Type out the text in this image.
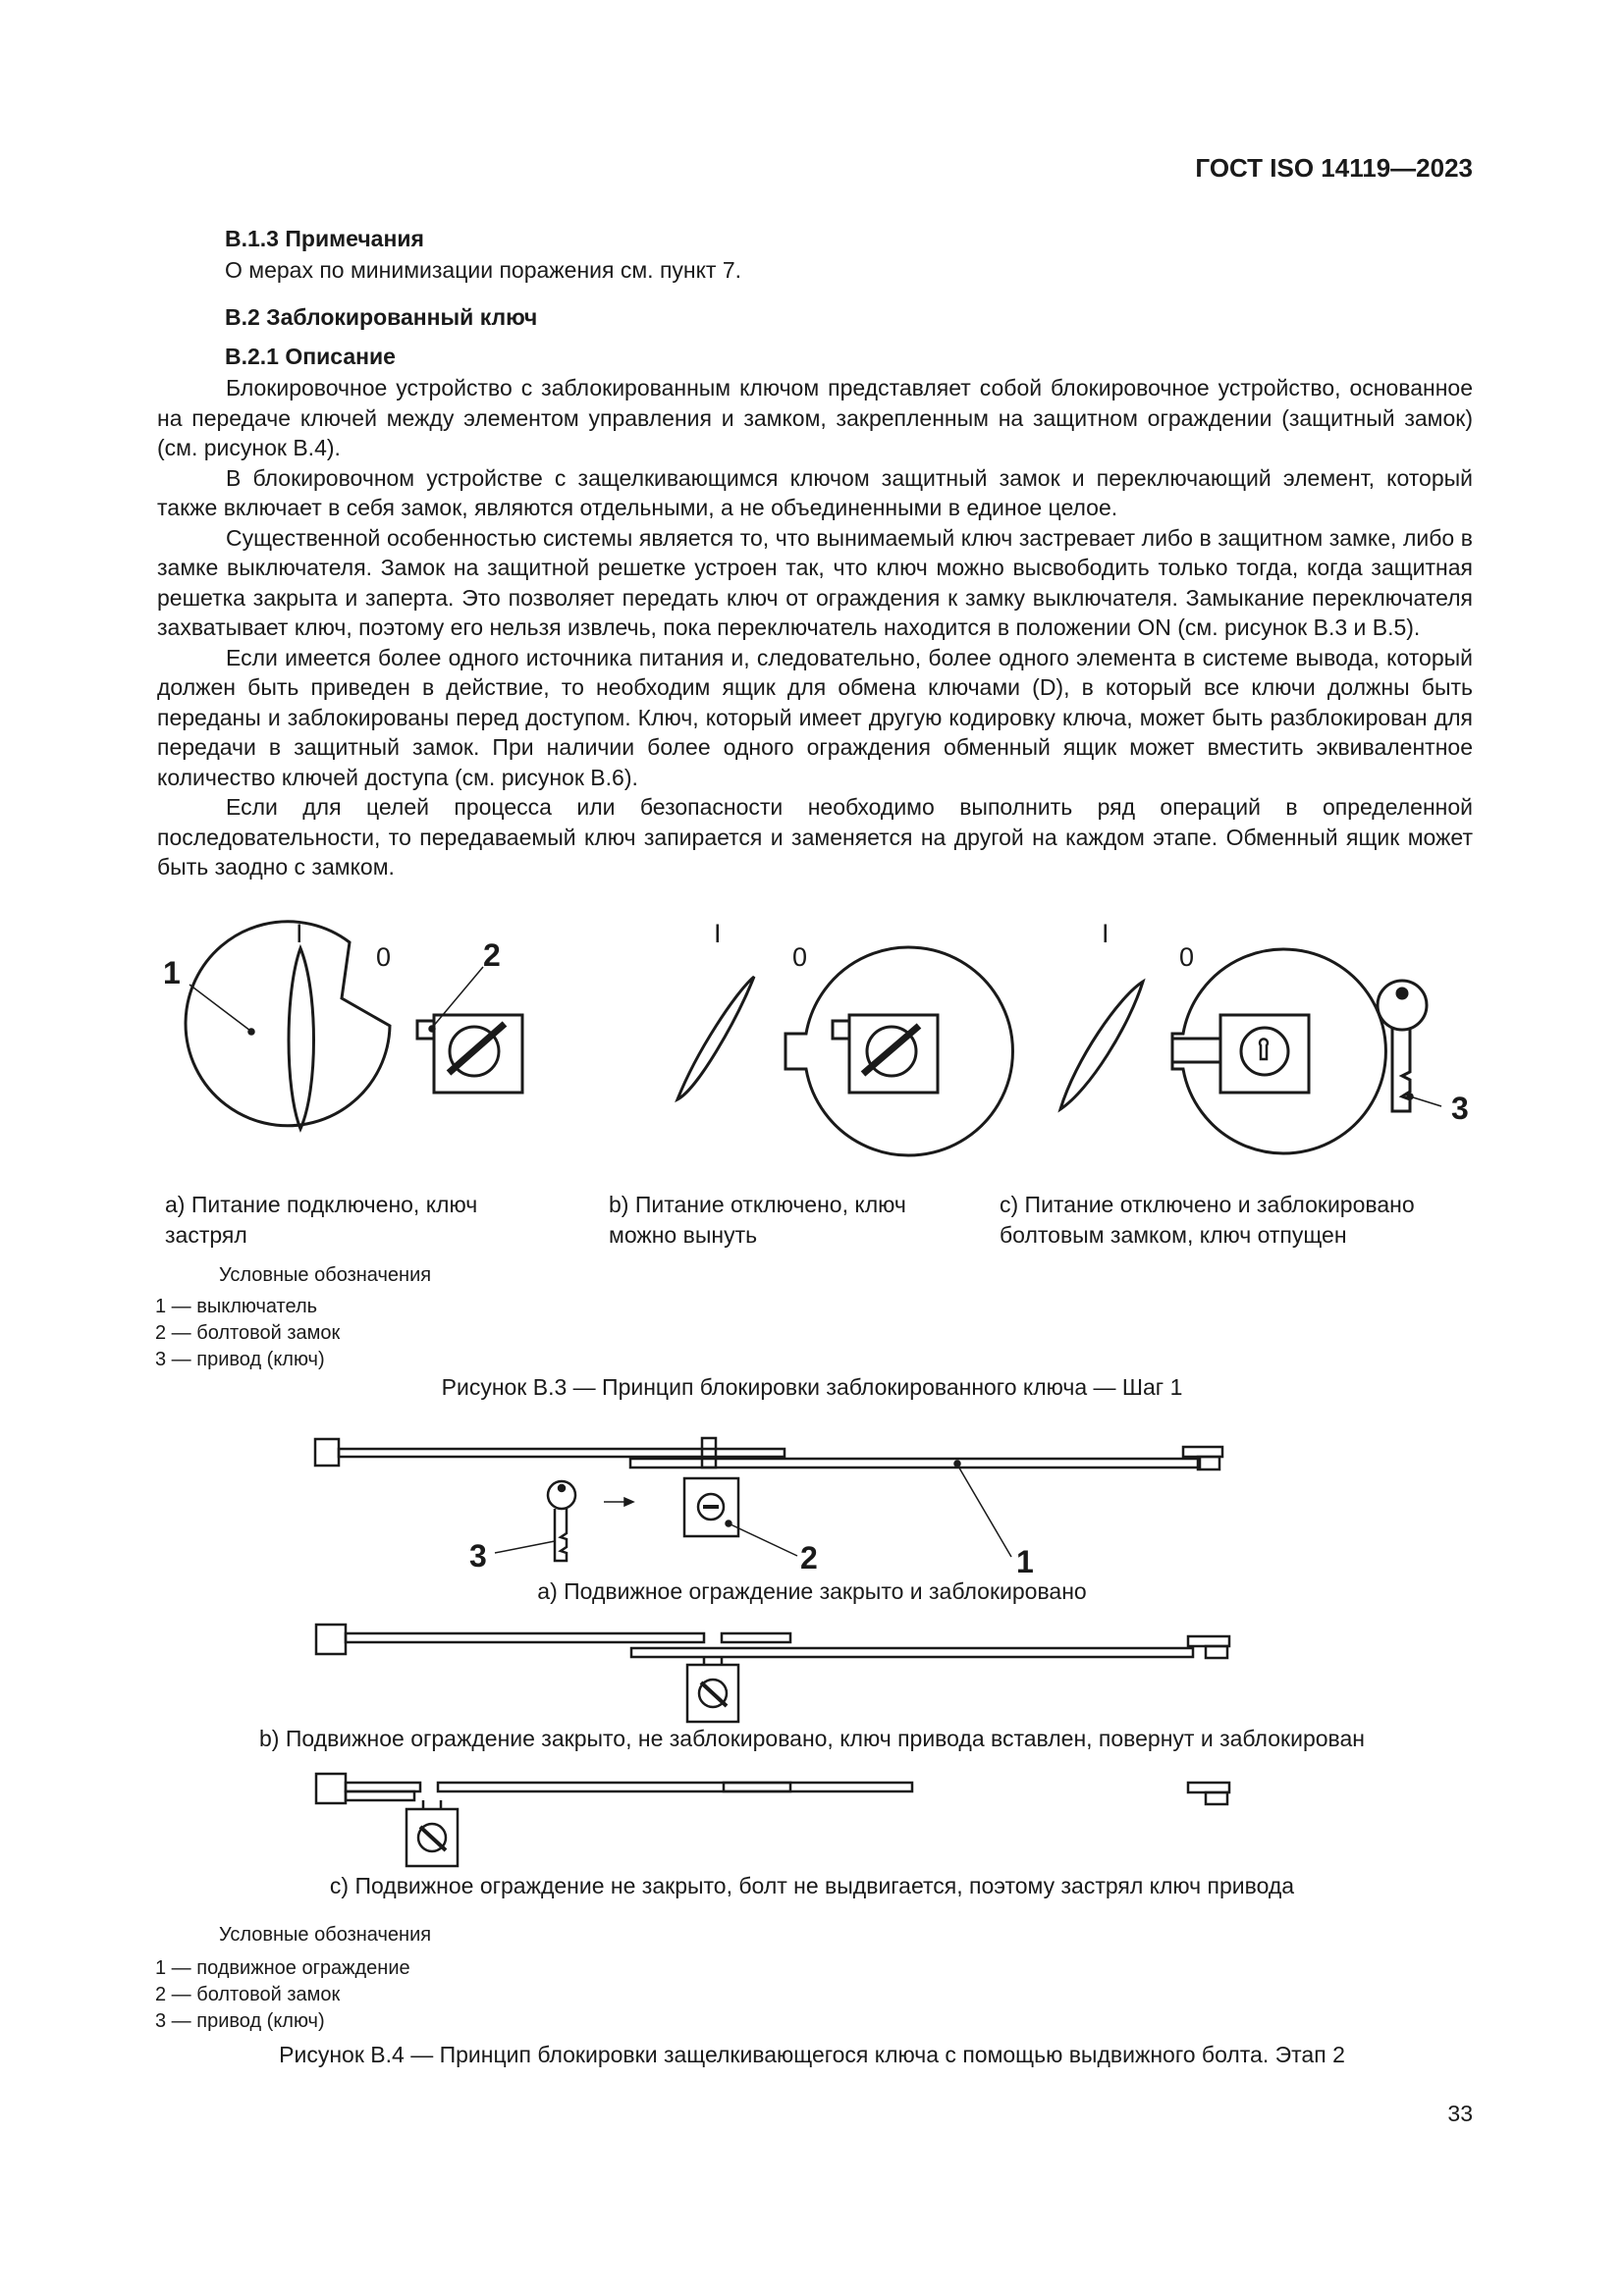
ГОСТ ISO 14119—2023
В.1.3 Примечания
О мерах по минимизации поражения см. пункт 7.
В.2 Заблокированный ключ
В.2.1 Описание

Блокировочное устройство с заблокированным ключом представляет собой блокировочное устройство, основанное на передаче ключей между элементом управления и замком, закрепленным на защитном ограждении (защитный замок) (см. рисунок В.4).

В блокировочном устройстве с защелкивающимся ключом защитный замок и переключающий элемент, который также включает в себя замок, являются отдельными, а не объединенными в единое целое.

Существенной особенностью системы является то, что вынимаемый ключ застревает либо в защитном замке, либо в замке выключателя. Замок на защитной решетке устроен так, что ключ можно высвободить только тогда, когда защитная решетка закрыта и заперта. Это позволяет передать ключ от ограждения к замку выключателя. Замыкание переключателя захватывает ключ, поэтому его нельзя извлечь, пока переключатель находится в положении ON (см. рисунок В.3 и В.5).

Если имеется более одного источника питания и, следовательно, более одного элемента в системе вывода, который должен быть приведен в действие, то необходим ящик для обмена ключами (D), в который все ключи должны быть переданы и заблокированы перед доступом. Ключ, который имеет другую кодировку ключа, может быть разблокирован для передачи в защитный замок. При наличии более одного ограждения обменный ящик может вместить эквивалентное количество ключей доступа (см. рисунок В.6).

Если для целей процесса или безопасности необходимо выполнить ряд операций в определенной последовательности, то передаваемый ключ запирается и заменяется на другой на каждом этапе. Обменный ящик может быть заодно с замком.

I
0
I
0
I
0
1	2
3
а) Питание подключено, ключ
застрял
b) Питание отключено, ключ
можно вынуть
с) Питание отключено и заблокировано
болтовым замком, ключ отпущен
Условные обозначения
1 — выключатель
2 — болтовой замок
3 — привод (ключ)
Рисунок В.3 — Принцип блокировки заблокированного ключа — Шаг 1
3	2	1
а) Подвижное ограждение закрыто и заблокировано
b) Подвижное ограждение закрыто, не заблокировано, ключ привода вставлен, повернут и заблокирован
с) Подвижное ограждение не закрыто, болт не выдвигается, поэтому застрял ключ привода
Условные обозначения
1 — подвижное ограждение
2 — болтовой замок
3 — привод (ключ)
Рисунок В.4 — Принцип блокировки защелкивающегося ключа с помощью выдвижного болта. Этап 2
33
